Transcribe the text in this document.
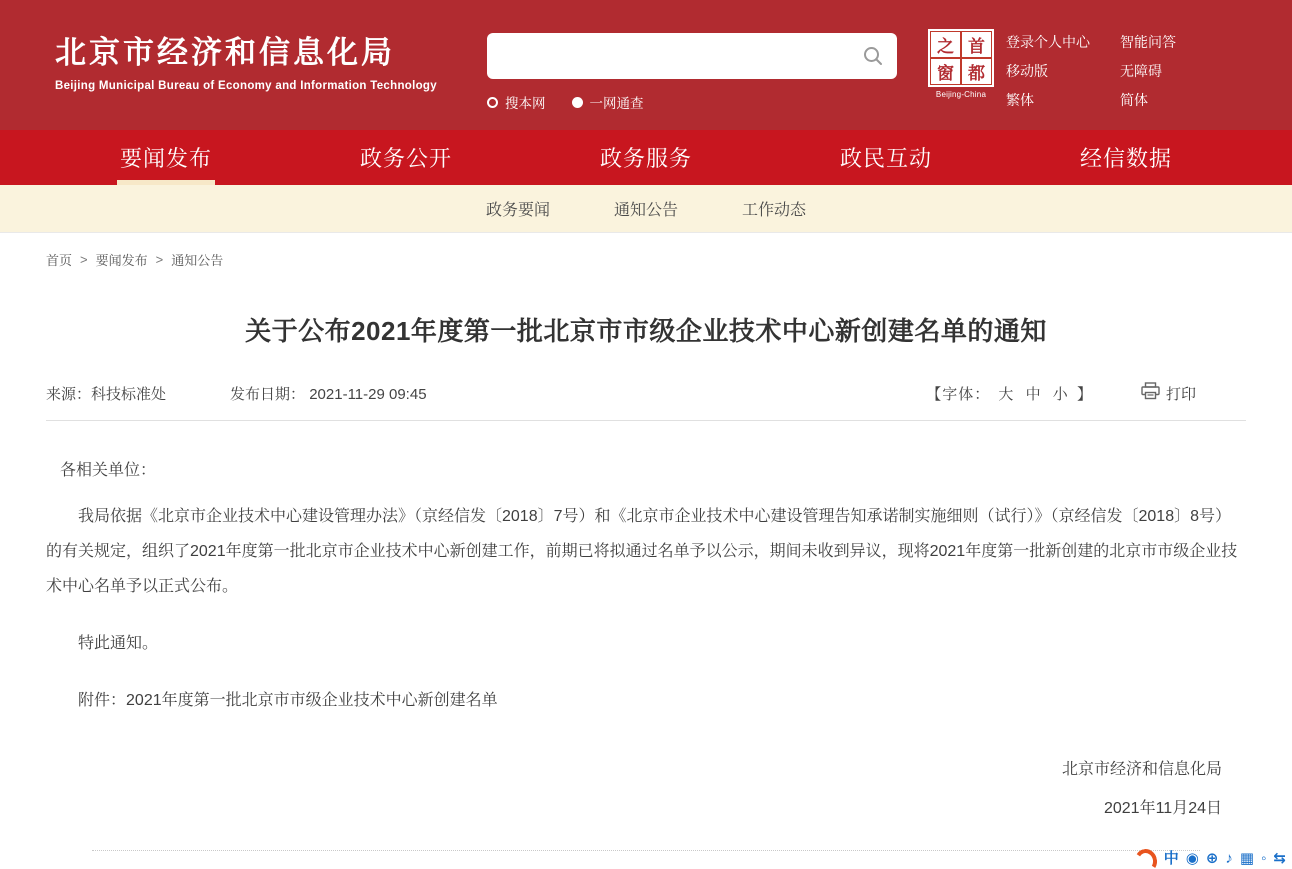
北京市经济和信息化局
Beijing Municipal Bureau of Economy and Information Technology
搜本网	一网通查
之 首
窗 都
Beijing-China
登录个人中心	智能问答
移动版	无障碍
繁体	简体
要闻发布	政务公开	政务服务	政民互动	经信数据
政务要闻	通知公告	工作动态
首页 > 要闻发布 > 通知公告
关于公布2021年度第一批北京市市级企业技术中心新创建名单的通知
来源： 科技标准处	发布日期： 2021-11-29 09:45	【字体： 大 中 小 】	打印

各相关单位：

我局依据《北京市企业技术中心建设管理办法》（京经信发〔2018〕7号）和《北京市企业技术中心建设管理告知承诺制实施细则（试行）》（京经信发〔2018〕8号）的有关规定，组织了2021年度第一批北京市企业技术中心新创建工作，前期已将拟通过名单予以公示，期间未收到异议，现将2021年度第一批新创建的北京市市级企业技术中心名单予以正式公布。

特此通知。

附件：2021年度第一批北京市市级企业技术中心新创建名单

北京市经济和信息化局
2021年11月24日
中 ◉ ⊕ ♪ ▦ ◦ ⇆
